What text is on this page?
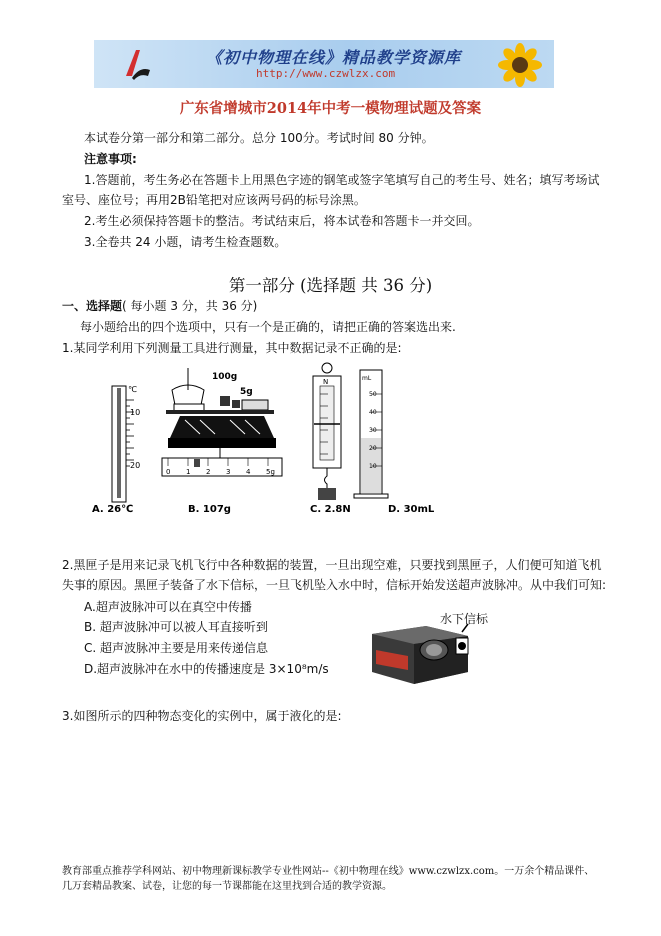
《初中物理在线》精品教学资源库
http://www.czwlzx.com
广东省增城市2014年中考一模物理试题及答案
本试卷分第一部分和第二部分。总分 100分。考试时间 80 分钟。
注意事项:
1.答题前，考生务必在答题卡上用黑色字迹的钢笔或签字笔填写自己的考生号、姓名；填写考场试
室号、座位号；再用2B铅笔把对应该两号码的标号涂黑。
2.考生必须保持答题卡的整洁。考试结束后，将本试卷和答题卡一并交回。
3.全卷共 24 小题，请考生检查题数。
第一部分 (选择题 共 36 分)
一、选择题( 每小题 3 分，共 36 分)
每小题给出的四个选项中，只有一个是正确的，请把正确的答案选出来.
1.某同学利用下列测量工具进行测量，其中数据记录不正确的是:
℃
10
20
A. 26℃
100g
5g
0 1 2 3 4 5g
B. 107g
N
C. 2.8N
mL
50
40
30
20
10
D. 30mL
2.黑匣子是用来记录飞机飞行中各种数据的装置，一旦出现空难，只要找到黑匣子，人们便可知道飞机
失事的原因。黑匣子装备了水下信标，一旦飞机坠入水中时，信标开始发送超声波脉冲。从中我们可知:
A.超声波脉冲可以在真空中传播
B. 超声波脉冲可以被人耳直接听到
C. 超声波脉冲主要是用来传递信息
D.超声波脉冲在水中的传播速度是 3×10⁸m/s
水下信标
3.如图所示的四种物态变化的实例中，属于液化的是:
教育部重点推荐学科网站、初中物理新课标教学专业性网站--《初中物理在线》www.czwlzx.com。一万余个精品课件、
几万套精品教案、试卷，让您的每一节课都能在这里找到合适的教学资源。
